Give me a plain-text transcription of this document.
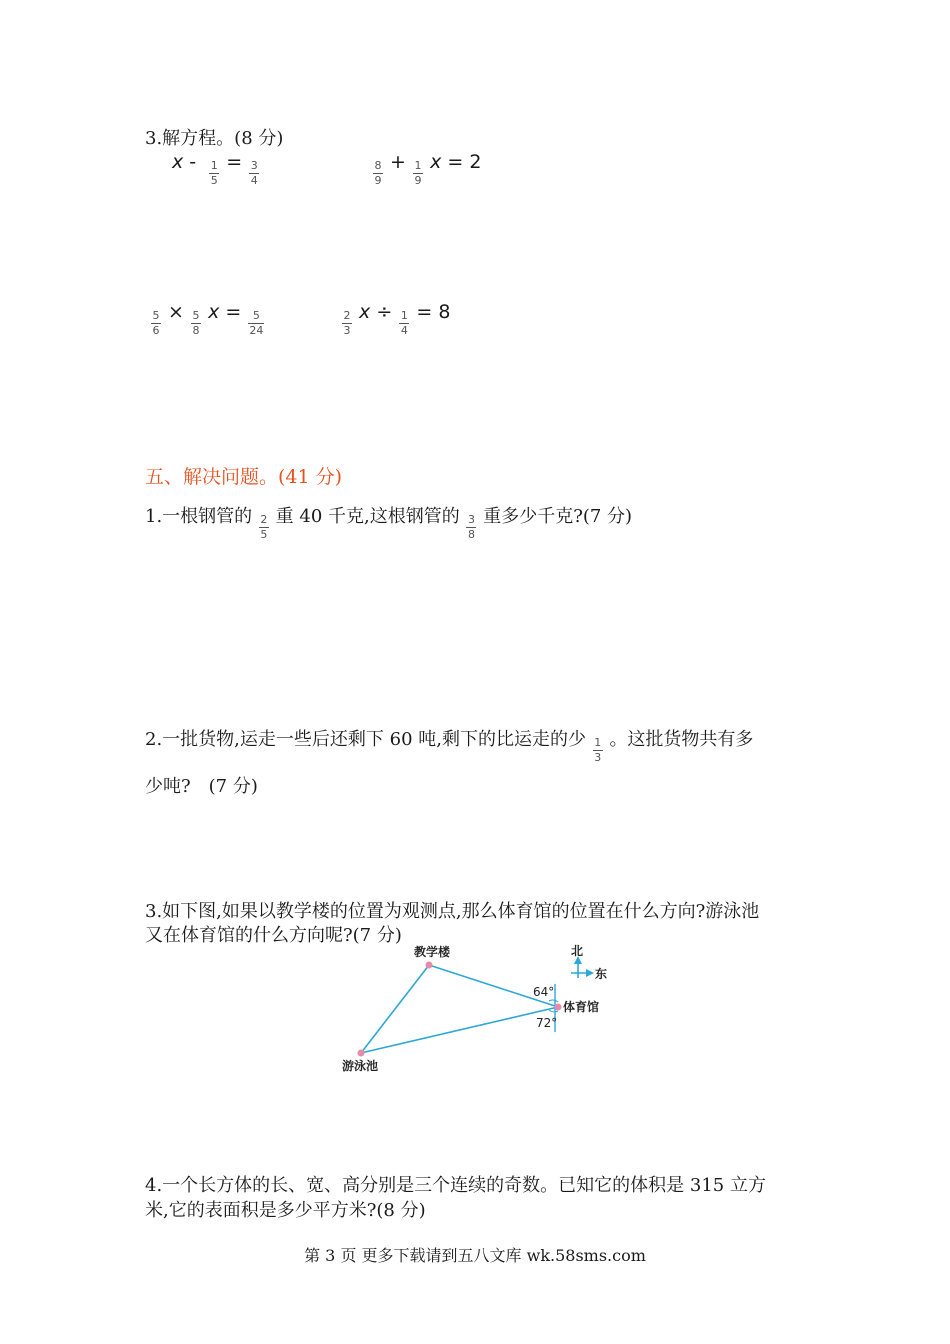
3.解方程。(8 分)
$x - \frac{1}{5} = \frac{3}{4}$	$\frac{8}{9} + \frac{1}{9}$ x = 2
$\frac{5}{6} \times \frac{5}{8}$ $x = \frac{5}{24}$	$\frac{2}{3}$ $x \div \frac{1}{4} = 8$
五、解决问题。(41 分)
1.一根钢管的 $\frac{2}{5}$ 重 40 千克,这根钢管的 $\frac{3}{8}$ 重多少千克?(7 分)
2.一批货物,运走一些后还剩下 60 吨,剩下的比运走的少 $\frac{1}{3}$ 。这批货物共有多
少吨?　(7 分)
3.如下图,如果以教学楼的位置为观测点,那么体育馆的位置在什么方向?游泳池
又在体育馆的什么方向呢?(7 分)
教学楼
体育馆
游泳池
64°
72°
北
东
4.一个长方体的长、宽、高分别是三个连续的奇数。已知它的体积是 315 立方
米,它的表面积是多少平方米?(8 分)
第 3 页 更多下载请到五八文库 wk.58sms.com
